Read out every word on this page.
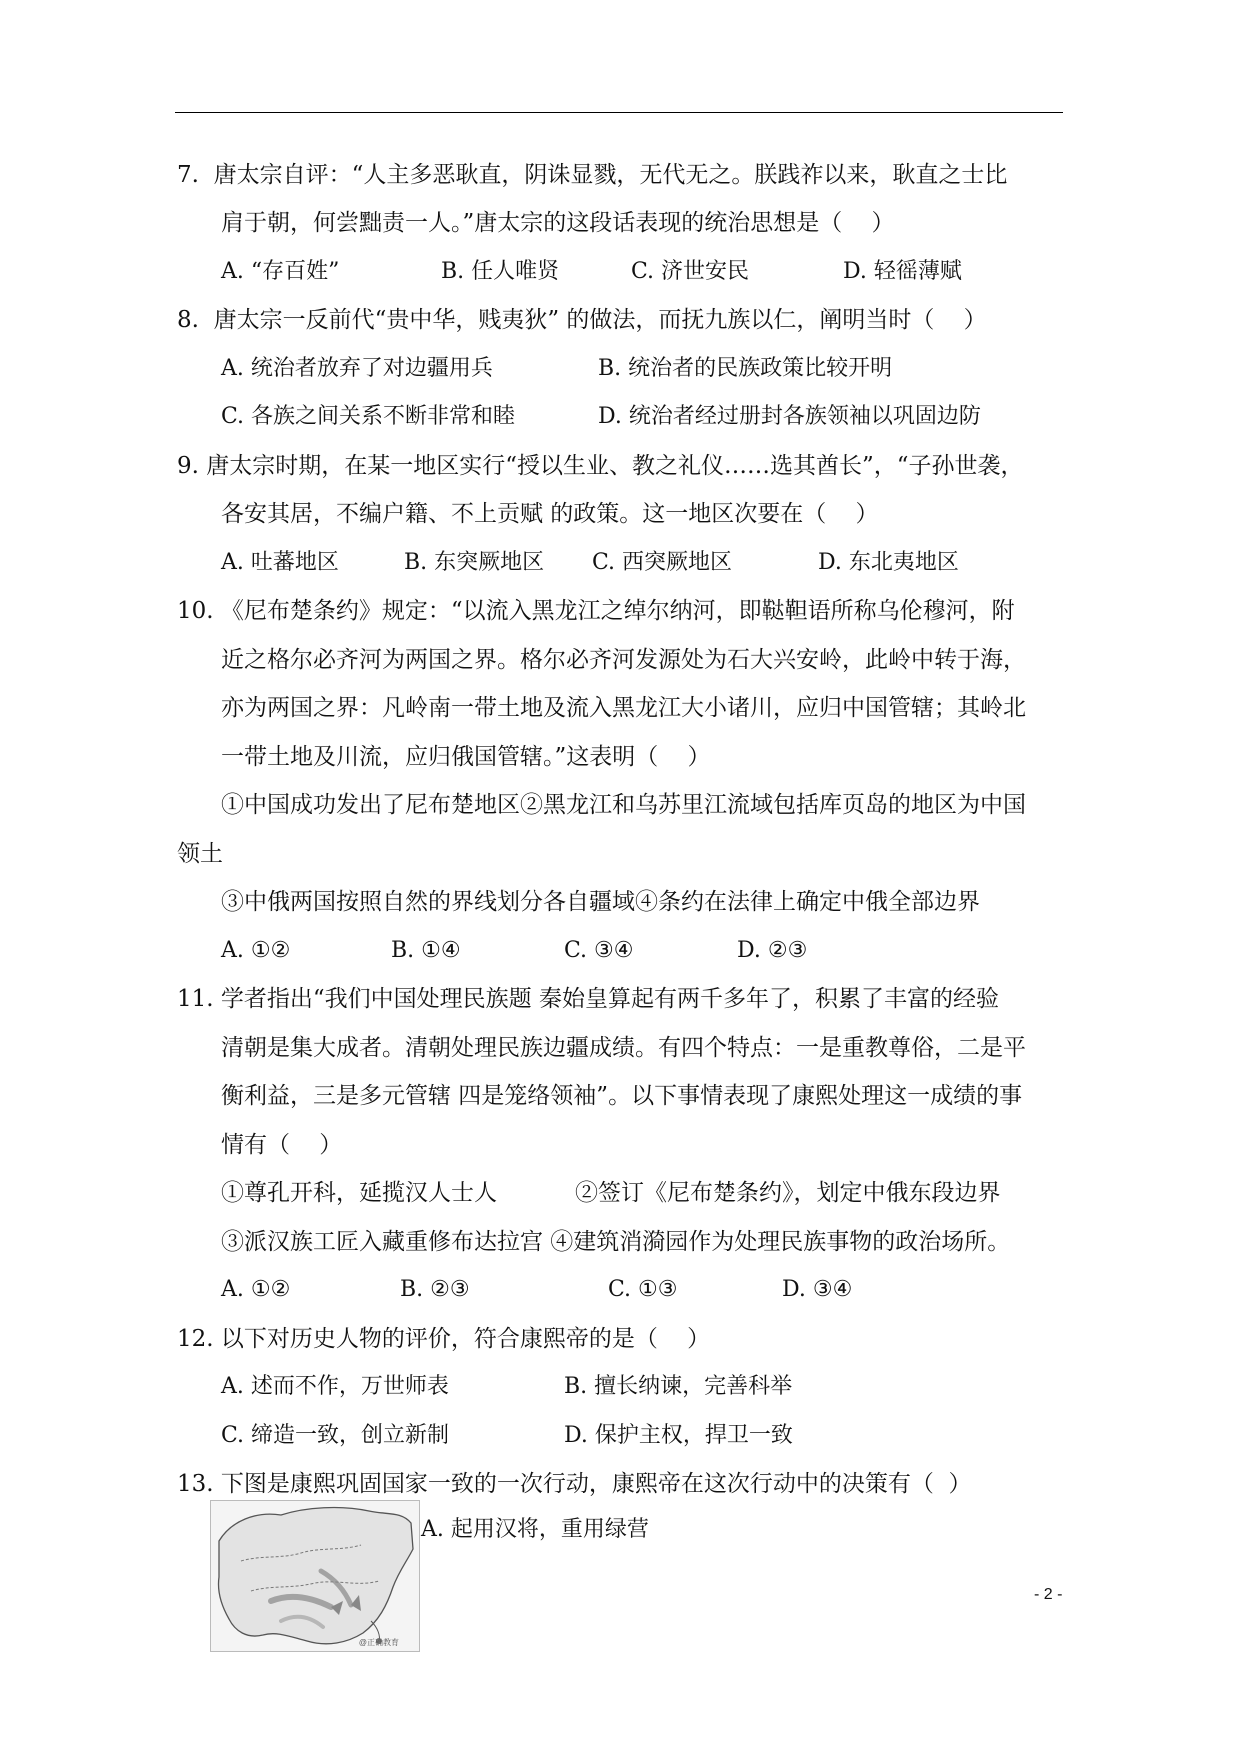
7.  唐太宗自评：“人主多恶耿直，阴诛显戮，无代无之。朕践祚以来，耿直之士比
肩于朝，何尝黜责一人。”唐太宗的这段话表现的统治思想是（    ）
A. “存百姓”	B. 任人唯贤	C. 济世安民	D. 轻徭薄赋
8.  唐太宗一反前代“贵中华，贱夷狄” 的做法，而抚九族以仁，阐明当时（    ）
A. 统治者放弃了对边疆用兵	B. 统治者的民族政策比较开明
C. 各族之间关系不断非常和睦	D. 统治者经过册封各族领袖以巩固边防
9. 唐太宗时期，在某一地区实行“授以生业、教之礼仪……选其酋长”，“子孙世袭，
各安其居，不编户籍、不上贡赋 的政策。这一地区次要在（    ）
A. 吐蕃地区	B. 东突厥地区 C. 西突厥地区	D. 东北夷地区
10. 《尼布楚条约》规定：“以流入黑龙江之绰尔纳河，即鞑靼语所称乌伦穆河，附
近之格尔必齐河为两国之界。格尔必齐河发源处为石大兴安岭，此岭中转于海，
亦为两国之界：凡岭南一带土地及流入黑龙江大小诸川，应归中国管辖；其岭北
一带土地及川流，应归俄国管辖。”这表明（    ）
①中国成功发出了尼布楚地区②黑龙江和乌苏里江流域包括库页岛的地区为中国
领土
③中俄两国按照自然的界线划分各自疆域④条约在法律上确定中俄全部边界
A. ①②	B. ①④	C. ③④	D. ②③
11. 学者指出“我们中国处理民族题 秦始皇算起有两千多年了，积累了丰富的经验
清朝是集大成者。清朝处理民族边疆成绩。有四个特点：一是重教尊俗，二是平
衡利益，三是多元管辖 四是笼络领袖”。以下事情表现了康熙处理这一成绩的事
情有（    ）
①尊孔开科，延揽汉人士人	②签订《尼布楚条约》，划定中俄东段边界
③派汉族工匠入藏重修布达拉宫 ④建筑消漪园作为处理民族事物的政治场所。
A. ①②	B. ②③	C. ①③	D. ③④
12. 以下对历史人物的评价，符合康熙帝的是（    ）
A. 述而不作，万世师表	B. 擅长纳谏，完善科举
C. 缔造一致，创立新制	D. 保护主权，捍卫一致
13. 下图是康熙巩固国家一致的一次行动，康熙帝在这次行动中的决策有（  ）
@正确教育
A. 起用汉将，重用绿营
- 2 -
